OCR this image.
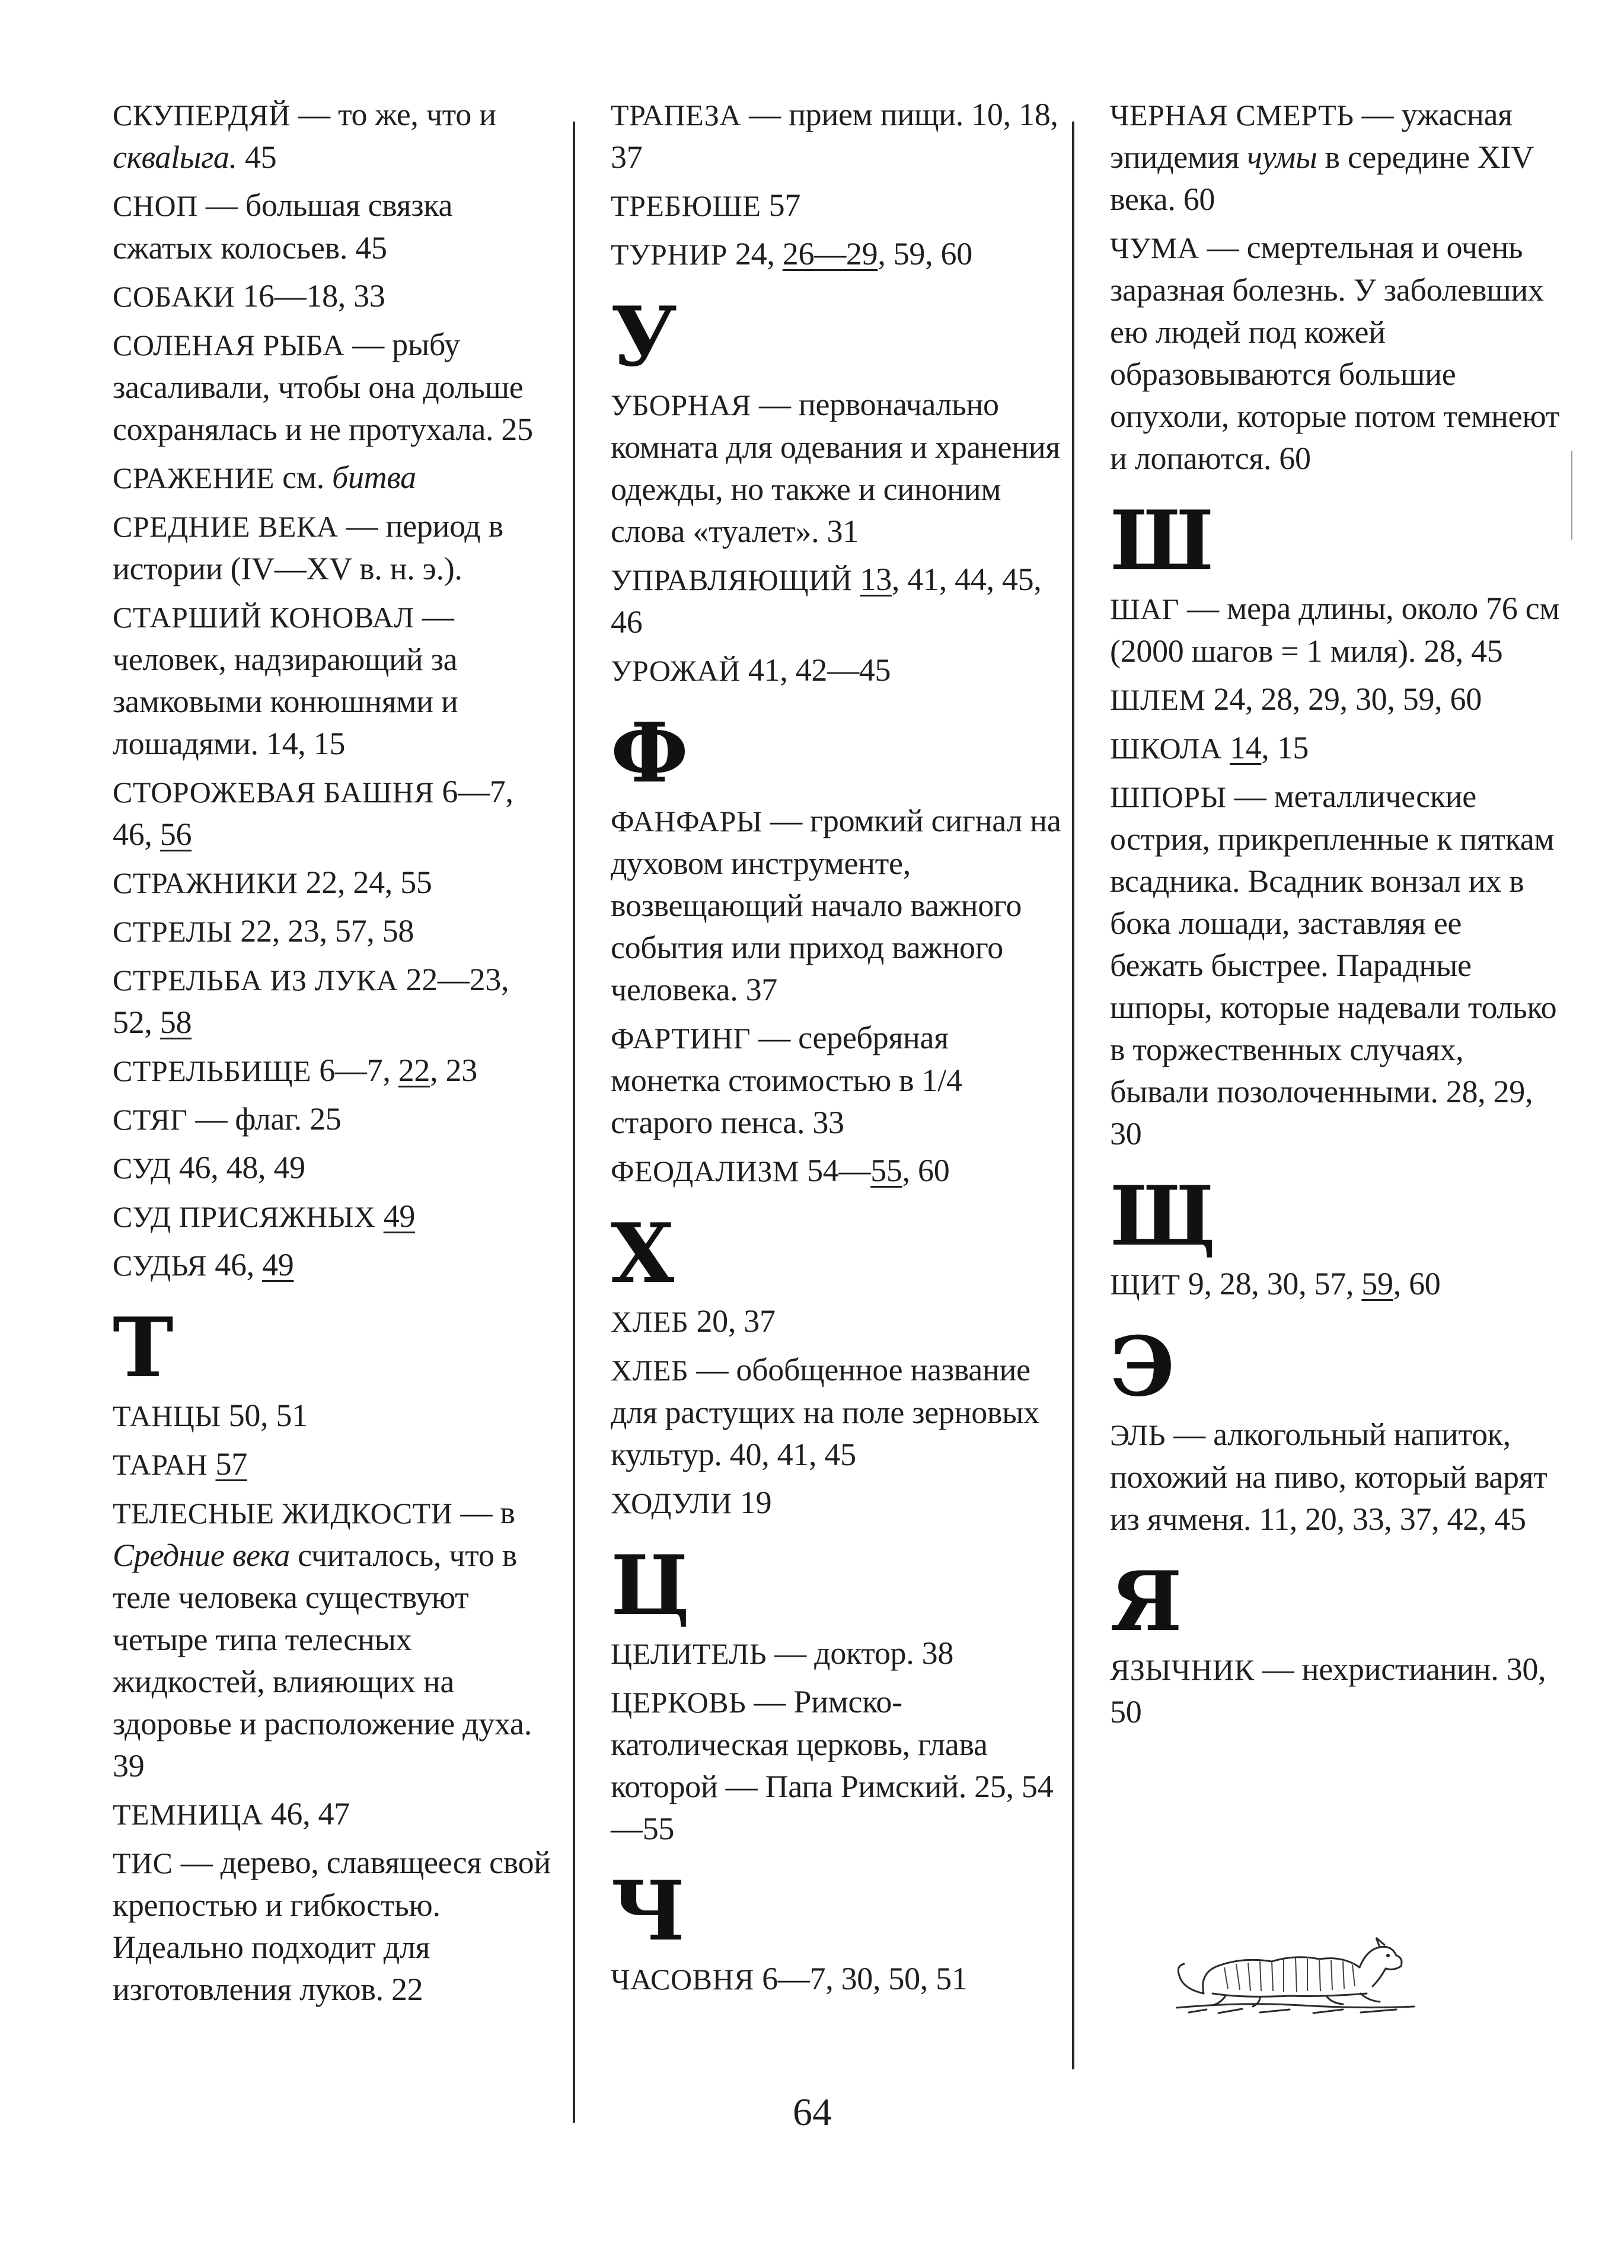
СКУПЕРДЯЙ — то же, что и скваlыга. 45
СНОП — большая связка сжатых колосьев. 45
СОБАКИ 16—18, 33
СОЛЕНАЯ РЫБА — рыбу засаливали, чтобы она дольше сохранялась и не протухала. 25
СРАЖЕНИЕ см. битва
СРЕДНИЕ ВЕКА — период в истории (IV—XV в. н. э.).
СТАРШИЙ КОНОВАЛ — человек, надзирающий за замковыми конюшнями и лошадями. 14, 15
СТОРОЖЕВАЯ БАШНЯ 6—7, 46, 56
СТРАЖНИКИ 22, 24, 55
СТРЕЛЫ 22, 23, 57, 58
СТРЕЛЬБА ИЗ ЛУКА 22—23, 52, 58
СТРЕЛЬБИЩЕ 6—7, 22, 23
СТЯГ — флаг. 25
СУД 46, 48, 49
СУД ПРИСЯЖНЫХ 49
СУДЬЯ 46, 49
Т
ТАНЦЫ 50, 51
ТАРАН 57
ТЕЛЕСНЫЕ ЖИДКОСТИ — в Средние века считалось, что в теле человека существуют четыре типа телесных жидкостей, влияющих на здоровье и расположение духа. 39
ТЕМНИЦА 46, 47
ТИС — дерево, славящееся свой крепостью и гибкостью. Идеально подходит для изготовления луков. 22
ТРАПЕЗА — прием пищи. 10, 18, 37
ТРЕБЮШЕ 57
ТУРНИР 24, 26—29, 59, 60
У
УБОРНАЯ — первоначально комната для одевания и хранения одежды, но также и синоним слова «туалет». 31
УПРАВЛЯЮЩИЙ 13, 41, 44, 45, 46
УРОЖАЙ 41, 42—45
Ф
ФАНФАРЫ — громкий сигнал на духовом инструменте, возвещающий начало важного события или приход важного человека. 37
ФАРТИНГ — серебряная монетка стоимостью в 1/4 старого пенса. 33
ФЕОДАЛИЗМ 54—55, 60
Х
ХЛЕБ 20, 37
ХЛЕБ — обобщенное название для растущих на поле зерновых культур. 40, 41, 45
ХОДУЛИ 19
Ц
ЦЕЛИТЕЛЬ — доктор. 38
ЦЕРКОВЬ — Римско-католическая церковь, глава которой — Папа Римский. 25, 54—55
Ч
ЧАСОВНЯ 6—7, 30, 50, 51
ЧЕРНАЯ СМЕРТЬ — ужасная эпидемия чумы в середине XIV века. 60
ЧУМА — смертельная и очень заразная болезнь. У заболевших ею людей под кожей образовываются большие опухоли, которые потом темнеют и лопаются. 60
Ш
ШАГ — мера длины, около 76 см (2000 шагов = 1 миля). 28, 45
ШЛЕМ 24, 28, 29, 30, 59, 60
ШКОЛА 14, 15
ШПОРЫ — металлические острия, прикрепленные к пяткам всадника. Всадник вонзал их в бока лошади, заставляя ее бежать быстрее. Парадные шпоры, которые надевали только в торжественных случаях, бывали позолоченными. 28, 29, 30
Щ
ЩИТ 9, 28, 30, 57, 59, 60
Э
ЭЛЬ — алкогольный напиток, похожий на пиво, который варят из ячменя. 11, 20, 33, 37, 42, 45
Я
ЯЗЫЧНИК — нехристианин. 30, 50
64
